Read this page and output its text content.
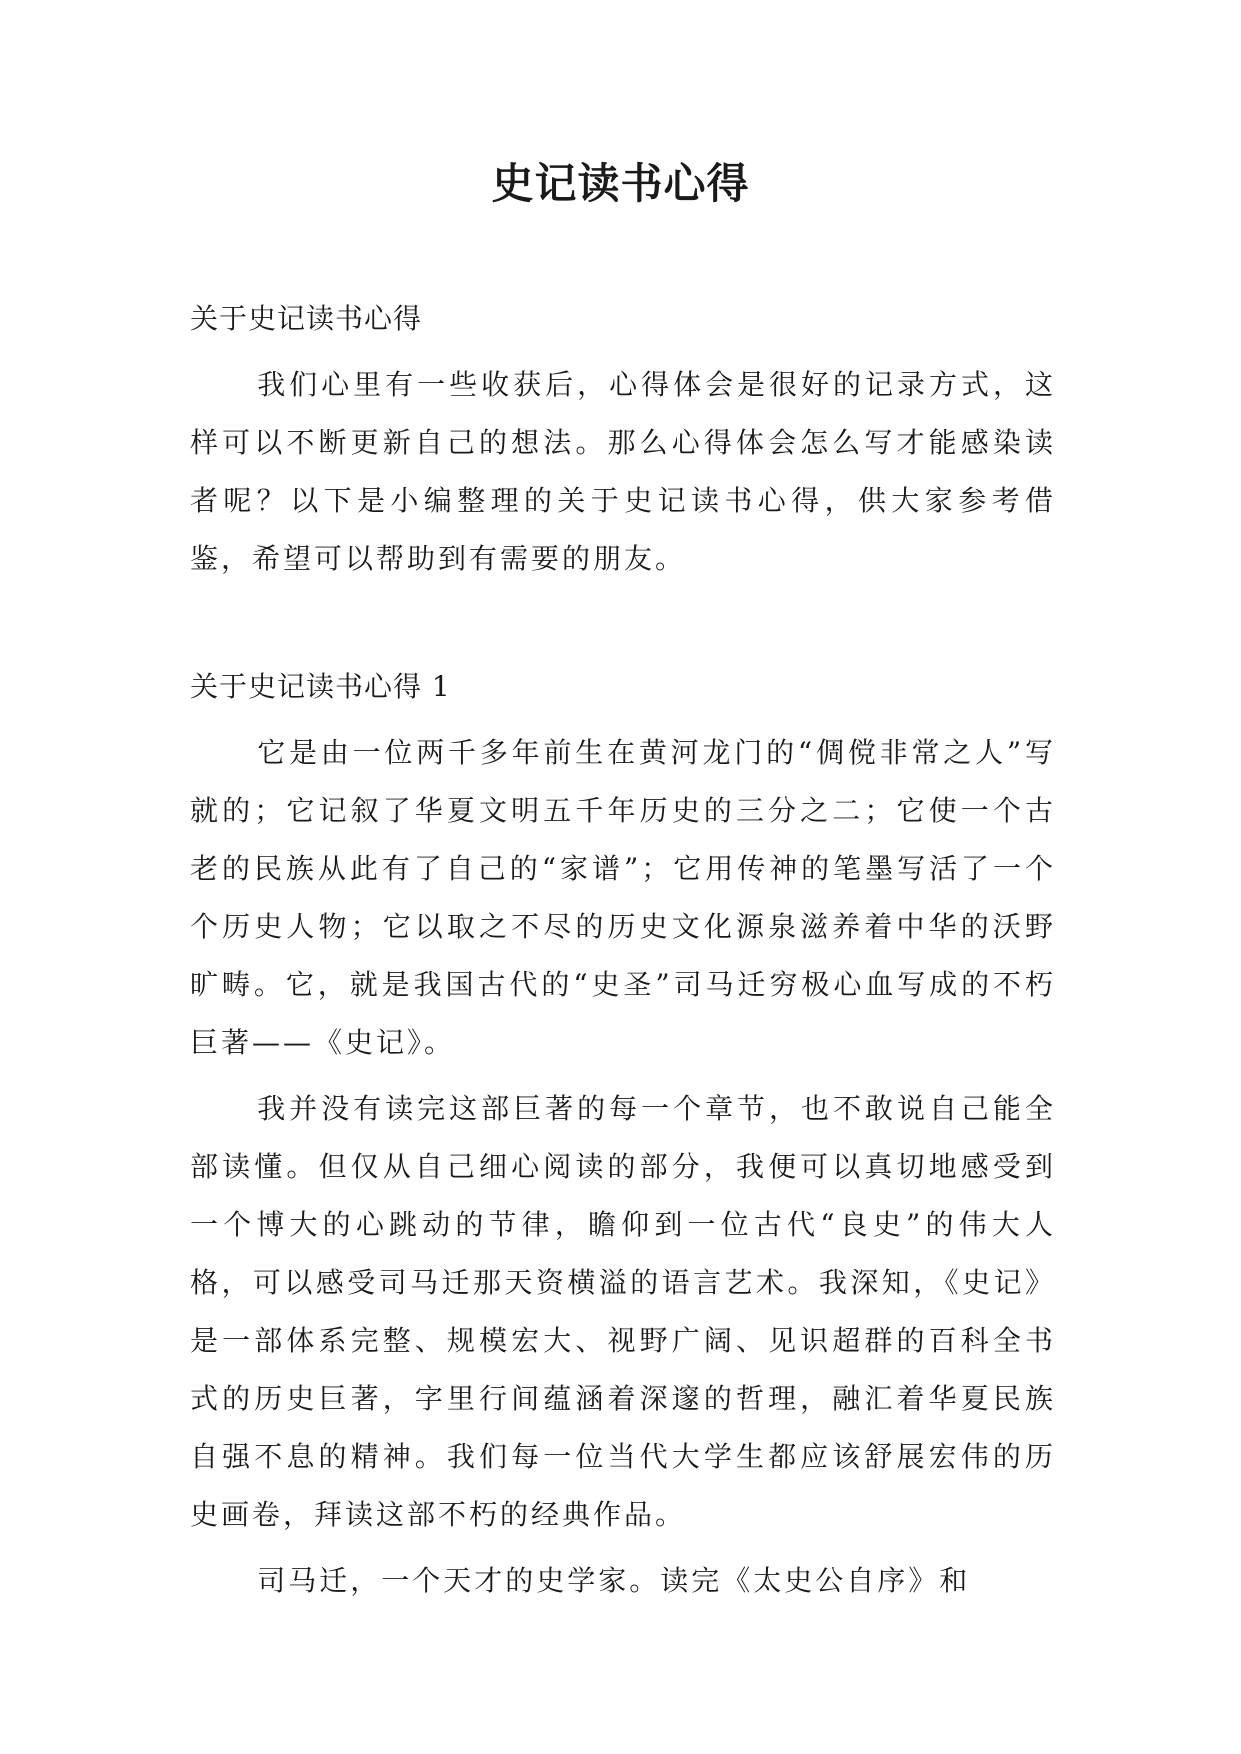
史记读书心得

关于史记读书心得

我们心里有一些收获后，心得体会是很好的记录方式，这样可以不断更新自己的想法。那么心得体会怎么写才能感染读者呢？以下是小编整理的关于史记读书心得，供大家参考借鉴，希望可以帮助到有需要的朋友。

关于史记读书心得 1

它是由一位两千多年前生在黄河龙门的“倜傥非常之人”写就的；它记叙了华夏文明五千年历史的三分之二；它使一个古老的民族从此有了自己的“家谱”；它用传神的笔墨写活了一个个历史人物；它以取之不尽的历史文化源泉滋养着中华的沃野旷畴。它，就是我国古代的“史圣”司马迁穷极心血写成的不朽巨著——《史记》。

我并没有读完这部巨著的每一个章节，也不敢说自己能全部读懂。但仅从自己细心阅读的部分，我便可以真切地感受到一个博大的心跳动的节律，瞻仰到一位古代“良史”的伟大人格，可以感受司马迁那天资横溢的语言艺术。我深知，《史记》是一部体系完整、规模宏大、视野广阔、见识超群的百科全书式的历史巨著，字里行间蕴涵着深邃的哲理，融汇着华夏民族自强不息的精神。我们每一位当代大学生都应该舒展宏伟的历史画卷，拜读这部不朽的经典作品。

司马迁，一个天才的史学家。读完《太史公自序》和
